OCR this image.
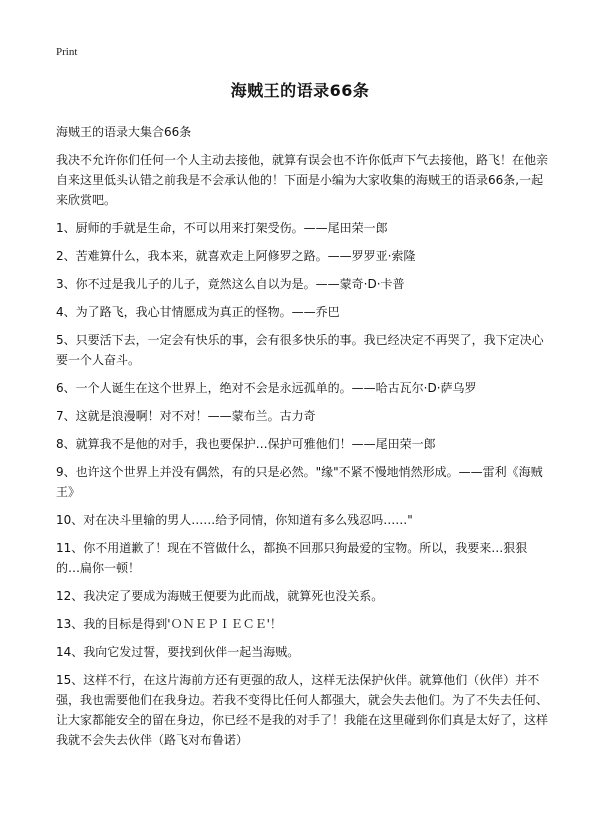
Print
海贼王的语录66条

海贼王的语录大集合66条

我决不允许你们任何一个人主动去接他，就算有误会也不许你低声下气去接他，路飞！在他亲自来这里低头认错之前我是不会承认他的！下面是小编为大家收集的海贼王的语录66条,一起来欣赏吧。

1、厨师的手就是生命，不可以用来打架受伤。——尾田荣一郎

2、苦难算什么，我本来，就喜欢走上阿修罗之路。——罗罗亚·索隆

3、你不过是我儿子的儿子，竟然这么自以为是。——蒙奇·D·卡普

4、为了路飞，我心甘情愿成为真正的怪物。——乔巴

5、只要活下去，一定会有快乐的事，会有很多快乐的事。我已经决定不再哭了，我下定决心要一个人奋斗。

6、一个人诞生在这个世界上，绝对不会是永远孤单的。——哈古瓦尔·D·萨乌罗

7、这就是浪漫啊！对不对！——蒙布兰。古力奇

8、就算我不是他的对手，我也要保护…保护可雅他们！——尾田荣一郎

9、也许这个世界上并没有偶然，有的只是必然。"缘"不紧不慢地悄然形成。——雷利《海贼王》

10、对在决斗里输的男人……给予同情，你知道有多么残忍吗……"

11、你不用道歉了！现在不管做什么，都换不回那只狗最爱的宝物。所以，我要来…狠狠的…扁你一顿！

12、我决定了要成为海贼王便要为此而战，就算死也没关系。

13、我的目标是得到'ＯＮＥＰＩＥＣＥ'！

14、我向它发过誓，要找到伙伴一起当海贼。

15、这样不行，在这片海前方还有更强的敌人，这样无法保护伙伴。就算他们（伙伴）并不强，我也需要他们在我身边。若我不变得比任何人都强大，就会失去他们。为了不失去任何、让大家都能安全的留在身边，你已经不是我的对手了！我能在这里碰到你们真是太好了，这样我就不会失去伙伴（路飞对布鲁诺）
